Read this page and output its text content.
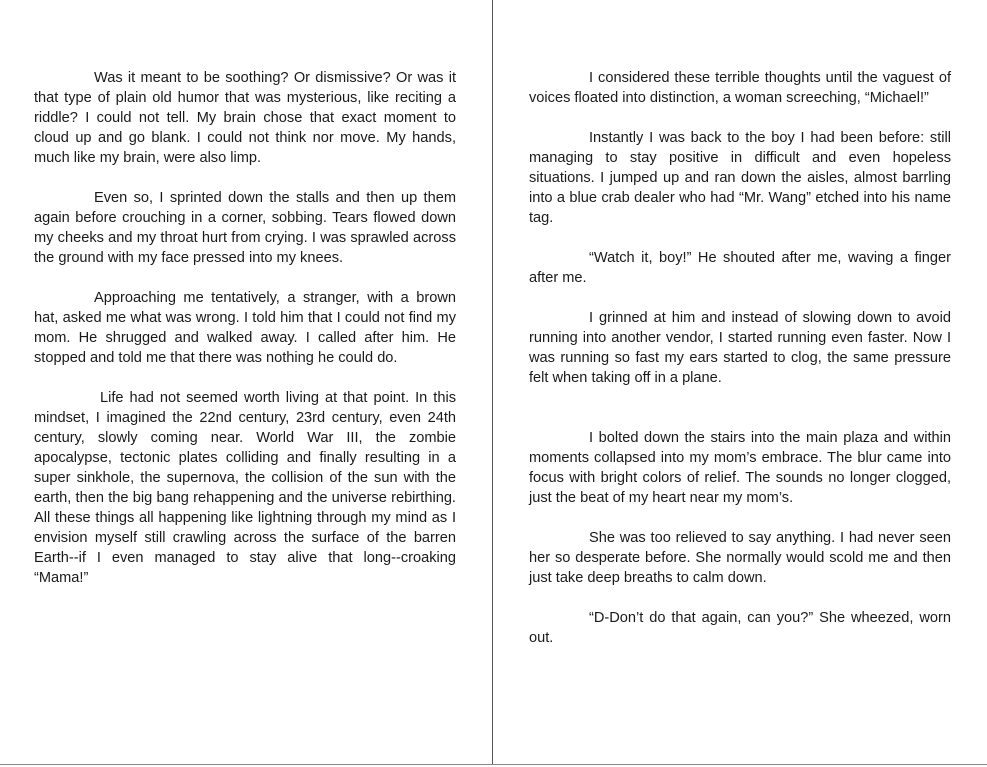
Was it meant to be soothing? Or dismissive? Or was it that type of plain old humor that was mysterious, like reciting a riddle? I could not tell. My brain chose that exact moment to cloud up and go blank. I could not think nor move. My hands, much like my brain, were also limp.

Even so, I sprinted down the stalls and then up them again before crouching in a corner, sobbing. Tears flowed down my cheeks and my throat hurt from crying. I was sprawled across the ground with my face pressed into my knees.

Approaching me tentatively, a stranger, with a brown hat, asked me what was wrong. I told him that I could not find my mom. He shrugged and walked away. I called after him. He stopped and told me that there was nothing he could do.

Life had not seemed worth living at that point. In this mindset, I imagined the 22nd century, 23rd century, even 24th century, slowly coming near. World War III, the zombie apocalypse, tectonic plates colliding and finally resulting in a super sinkhole, the supernova, the collision of the sun with the earth, then the big bang rehappening and the universe rebirthing. All these things all happening like lightning through my mind as I envision myself still crawling across the surface of the barren Earth--if I even managed to stay alive that long--croaking “Mama!”

I considered these terrible thoughts until the vaguest of voices floated into distinction, a woman screeching, “Michael!”

Instantly I was back to the boy I had been before: still managing to stay positive in difficult and even hopeless situations. I jumped up and ran down the aisles, almost barrling into a blue crab dealer who had “Mr. Wang” etched into his name tag.

“Watch it, boy!” He shouted after me, waving a finger after me.

I grinned at him and instead of slowing down to avoid running into another vendor, I started running even faster. Now I was running so fast my ears started to clog, the same pressure felt when taking off in a plane.

I bolted down the stairs into the main plaza and within moments collapsed into my mom’s embrace. The blur came into focus with bright colors of relief. The sounds no longer clogged, just the beat of my heart near my mom’s.

She was too relieved to say anything. I had never seen her so desperate before. She normally would scold me and then just take deep breaths to calm down.

“D-Don’t do that again, can you?” She wheezed, worn out.
